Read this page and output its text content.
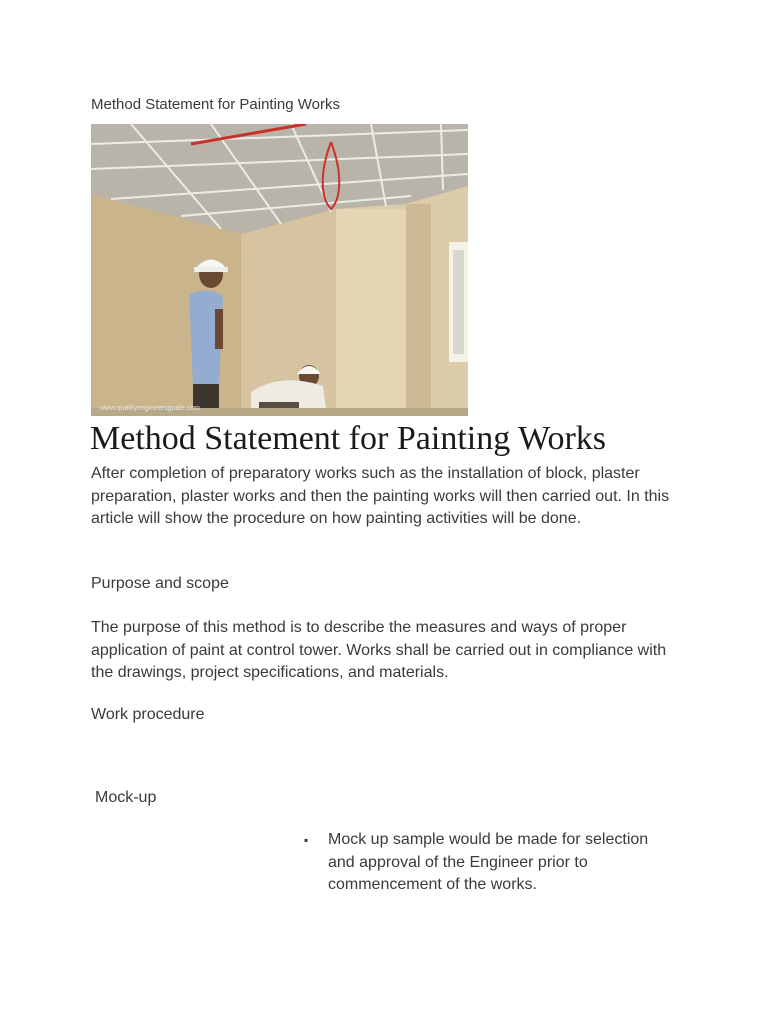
Method Statement for Painting Works
www.qualityengineersguide.com
Method Statement for Painting Works

After completion of preparatory works such as the installation of block, plaster preparation, plaster works and then the painting works will then carried out. In this article will show the procedure on how painting activities will be done.

Purpose and scope

The purpose of this method is to describe the measures and ways of proper application of paint at control tower. Works shall be carried out in compliance with the drawings, project specifications, and materials.

Work procedure

Mock-up

▪ Mock up sample would be made for selection and approval of the Engineer prior to commencement of the works.
